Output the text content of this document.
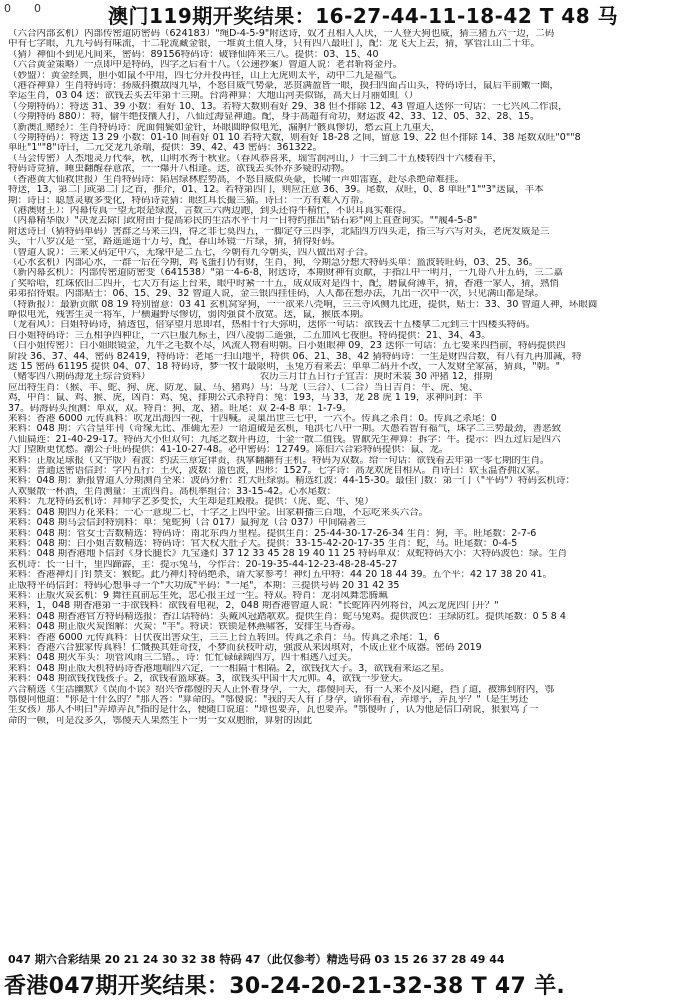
0 0	澳门119期开奖结果：16-27-44-11-18-42 T 48 马
（六合内部玄机）内部传密道防密码（624183）"绳D-4-5-9"附送诗，奴才丑相人人厌，一人登天狗也威，猜三猪五六一边，二码
中有七字眼，九九号码有味流，十二轮流藏金银，一堆黄土值人身，只有四八最旺门，配：龙飞天上去，猜，掌管江山二十年。
（猜）神仙不到见凡间来，密码：89156特码诗：破锋仙阵来三八。提供：03、15、40
（六合黄金策略）一点即中是特码，四字之后看十八。（公递抄案）曾道人说：老君斩将金丹。
（妙盟）：黄金经典，胆小如鼠不中用，四七分开投再往，山上无虎则太平，动中二九是福气。
（港谷神算）生肖特码诗：扬威抖擞敌闯九阜，不怒自威气势豪，恶贯满盈皆一眼，摸扫四面占山头，特码诗曰，鼠后羊前嫩一圈，
幸运生肖，03 04 送：欲钱去买去年第十三期。台湾神算：大地山河美似锦，高天日月丽如虹（）
（今期特码）：特送 31、39 小数：看好 10、13。若特大数则看好 29、38 但不排除 12、43 曾道人送你一句话：一七兴风二作浪，
（今期特码 880）：特，偷牛绝技攘人打，八仙过海显神通。配，身手高超有奇功，财运波 42、33、12、05、32、28、15。
（新澳汇赌经）：生肖特码诗：虎面佣鬓如金钎，环眼圆睁似电光，漏舸尸骸真惨切，愁云直上九重天，
（今期特码）：特送 13 29 小数：01-10 间看好 01 10 若特大数，则看好 18-28 之间，留意 19、22 但不排除 14、38 尾数双旺"0""8
单旺"1""8"诗曰，二元交龙九条端，提供：39、42、43 密码：361322。
（马会传密）人杰地灵万代奉，秋，山明水秀千秋业。（春风恭喜来，瑞雪润河山，）十三到二十五楼转四十六楼看羊，
特码诗竞猜，睡虫翻醒春意浓，一一爆开八相逢。送，欲钱去买怀乔多疑的动物。
（香港黄大仙救世报）生肖特码诗：陷居绿林腔势高，不怒自威似英豪，长啸一声如雷霆，赶尽杀绝命难挂。
特送，13，第二门或第二门之首，推介，01、12。若特第四门，则应注意 36、39。尾数，双旺，0、8 单旺"1""3"送鼠，羊本
期：诗日：聪慧灵敏多变化，特码诗竞猜：眼红耳长撮三猫。诗曰：一方有难入方帮。
（港澳财王）：内幕传真一望无垠是绿波，言数三六两边跑，到头还得牛精忙，不识耳真实难得。
（内幕精华版）"决龙去除门政府由于提高彩民的生活水平十月一日特约推出"钻石彩"网上直查询实。""履4-5-8"
附送诗曰（猜特码单码）害群之马来三四，得之非七莫四五，一脚定夺三四季，北陆四方四头走，指三写六写对头，老虎发威是三
头，十八罗汉是一堂，路遥遥遥十万号，配，春山环镜一片绿，猜，猜得好码。
（曾道人说）：三来又码定中六，无缘中是二五七，今朝有九今朝买，四八做出对子合。
（心水玄机）内部心水，一群一后在今期，鸡飞蛋打仍有财，生肖，狗，今期急分想大特码买单：篮波转旺码，03、25、36。
（新内幕玄机）：内部传密道防密变（641538）"第一4-6-8，附送诗，本期财神有贡献，手指江中一明月，一九哥八开五码，三二嘉
了奖哈哈，红珠依旧二四开，七大方有运上台来，眼中时紧一十五，成双成对是四十，配，磨鼠荷薄羊，猜，香港一家人，猜，熟悄
弟弟招待娘。内部贴士：06、15、29、32 曾道人说，金三银四挂佳码，人人都在想办法，九出一次中一次，只见满山都是绿。
（特新报）：最新贡献 08 19 特别留意：03 41 玄机窝穿狗，一一欲来八壳响，三三寺风侧九比进，提供，贴士：33、30 曾道人神，环眼圆
睁似电光，残害生灵一将军，尸横遍野尽惨切，弱肉强食不放宽。送，鼠，猴底本期。
（龙看风）：白姐特码诗，猜透包，倍穿望月思即君，热相干行天弥明，送你一句话：欲钱去十五楼拿二元到三十四楼买特码。
白小姐特码诗：三五相争四种让，一六巨服九标王，四八凌弱二遥强，二五加风七夜胆。特码提供：21、34、43。
（白小姐传密）：白小姐眼镜金，九牛之毛数不尽，风流人物看明朝。白小姐眼神 09，23 送你一句话：五七要来四挡前，特码提供四
阶段 36、37、44、密码 82419，特码诗：老尾一扫山地平，特供 06、21、38、42 猜特码诗：一生是财四合数，有八有九再加减，特
送 15 密码 61195 提供 04、07、18 特码诗，梦一牧十最限明，玉兔方看来去：单单二码开不改，一人发财全家富，猜真，"朝。"
（赌零四八期码海龙王综合资料）　　　　　　　　　　　　农历三月廿五日行子宜吉：庚时未装 30 冲猪 12，排期
应出特生肖：（猴、羊、蛇、狗、虎、防龙、鼠、马、猪鸡）马：马龙（三合）、（二合）当日吉肖：牛、虎、兔、
鸡，中肖：鼠、鸡、猴、虎，凶肖：鸡、兔、排期公式杀特肖：兔：193，马 33，龙 28 虎 1 19，求神问封：羊
37。码海码头预测：单双，双。特肖：狗、龙、猪。旺尾：双 2-4-8 单：1-7-9。
来料：香港 6000 元传真料：吹龙出海四一视，十四喊。灵巢出世三七中，一六不。传真之杀肖：0。传真之杀尾：0
来料：048 期：六合皇年刊（奇缘无比、准确无差）一语道破是玄机，龟洪七八中一期。大愚若智有福气，珠字二三势最劲，善恶致
八仙扁连：21-40-29-17。特码大小但双句：九尾之数开再边，千金一散二值钱。曾献先生神算：拆字：牛。提示：四五过后是四六
大门望断更忧愁。潮公子旺码提供：41-10-27-48。必中密码：12749。陈伯六合彩特码提供：鼠、龙。
来料：正版足球报（文宇版）看波：约法三章定律责，执掌翻翻有主机。特码为双数。给一句话：欲钱看去年第一零七期的生肖。
来料：普通送密语信封：字内五行：土火，波数：篮色波，四形：1527。七字诗：高龙欢虎自相从。肖诗曰：软玉温香拥汉家。
来料：048 期：新报曾道人分期测肖全来：波码分析：红大旺绿弱。精选红波：44-15-30。最佳门数：第一门（"平码"）特码玄机诗：
人欢聚散一杯酒，生肖测量：主流四肖。高机率组合：33-15-42。心水尾数：
来料：九龙特码玄机诗：拜师学艺多变长，天生却是红殿般。提供：（虎、蛇、牛、兔）
来料：048 期四万花来料：一心一意现二七，十字之上四中金。田家耕播三百地，不忘吃来买六合。
来料：048 期马会信封特别料：单：兔蛇狗（合 017）鼠狗龙（合 037）中间隔著三
来料：048 期：管女士吉数精选：特码诗：南北东西万里程。提供生肖：25-44-30-17-26-34 生肖：狗，羊。旺尾数：2-7-6
来料：048 期：白小姐吉数精选：特码诗：官大权大肚子大。提供：33-15-42-20-17-35 生肖：蛇，马。旺尾数：0-4-5
来料：048 期香港地下信封《身长腿长》九宝蓬灯 37 12 33 45 28 19 40 11 25 特码单双：双蛇特码大小：大特码波色：绿。生肖
玄机诗：长一日千，里四蹄霹，主：提示兔马，今作合：20-19-35-44-12-23-48-28-45-27
来料：香港神灯门钉禁支：猴蛇。此乃神灯特码绝杀，请大家参考！神灯五中特：44 20 18 44 39。五个平：42 17 38 20 41。
正版特平码信封：特码心想事寻一个"大功成"平码："一尾"，本期：三提供号码 20 31 42 35
来料：正版火炭玄机：9 舞往直前忘生死，忠心报主过一生。特双。特肖：龙羽凤舞恋腾珮
来料，1，048 期香港第一手欲钱料：欲钱看电视，2，048 期香港曾道人说："长蛇阵内列将台，风云龙虎四门开？"
来料：048 期香港官方特码精选报：香江话特码：头戴风冠踏歌欢。提供生肖：蛇马兔鸡。提供波色：主绿防红。提供尾数：0 5 8 4
来料：048 期正版火炭图解：火炭："羊"。特诀：铁锁是林燕啸客，安排生马香毒。
来料：香港 6000 元传真料：日伏夜出害众生，三三上台五转回。传真之杀肖：马。传真之杀尾：1，6
来料：香港六合独家传真料！仁慨换其娃奇技，不梦而获枝叶动，强波从来因琪对，不成正业不成器。密码 2019
来料：048 期火车头：项管风雨三二错。，诗：忙忙碌碌阔四方，四十相逃八过关。
来料：048 期正版天机特码诗香港地喘四六定，一一相隔十相隔。2，欲钱找大子。3，欲钱看来运之星。
来料：048 期欲钱找钱孩子。2，欲钱看篮球赛。3，欲钱买中国十大元帅。4，欲钱一步登天。
六合精选《生活幽默》《误而不误》绍兴爷郡傻的夫人正怀着身孕，一天，郡傻问夫，有一人来不及闪避，挡了道，被绑到府内，鄂
鄂傻问他道："你是干什么的？"那人答："算命的。"鄂傻说："我的夫人有了身孕，请你看看，弄璋乎，弄瓦乎？"（是生男还
生女孩）那人不明白"弄璋弄瓦"指的是什么，便随口说道："璋也要弄，瓦也要弄。"鄂傻听了，认为他是信口胡说，狠狠骂了一
命的一顿，可是没多久，鄂傻夫人果然生下一男一女双胞胎，算射的因此
047 期六合彩结果 20 21 24 30 32 38 特码 47（此仅参考）精选号码 03 15 26 37 28 49 44
香港047期开奖结果：30-24-20-21-32-38 T 47 羊.
